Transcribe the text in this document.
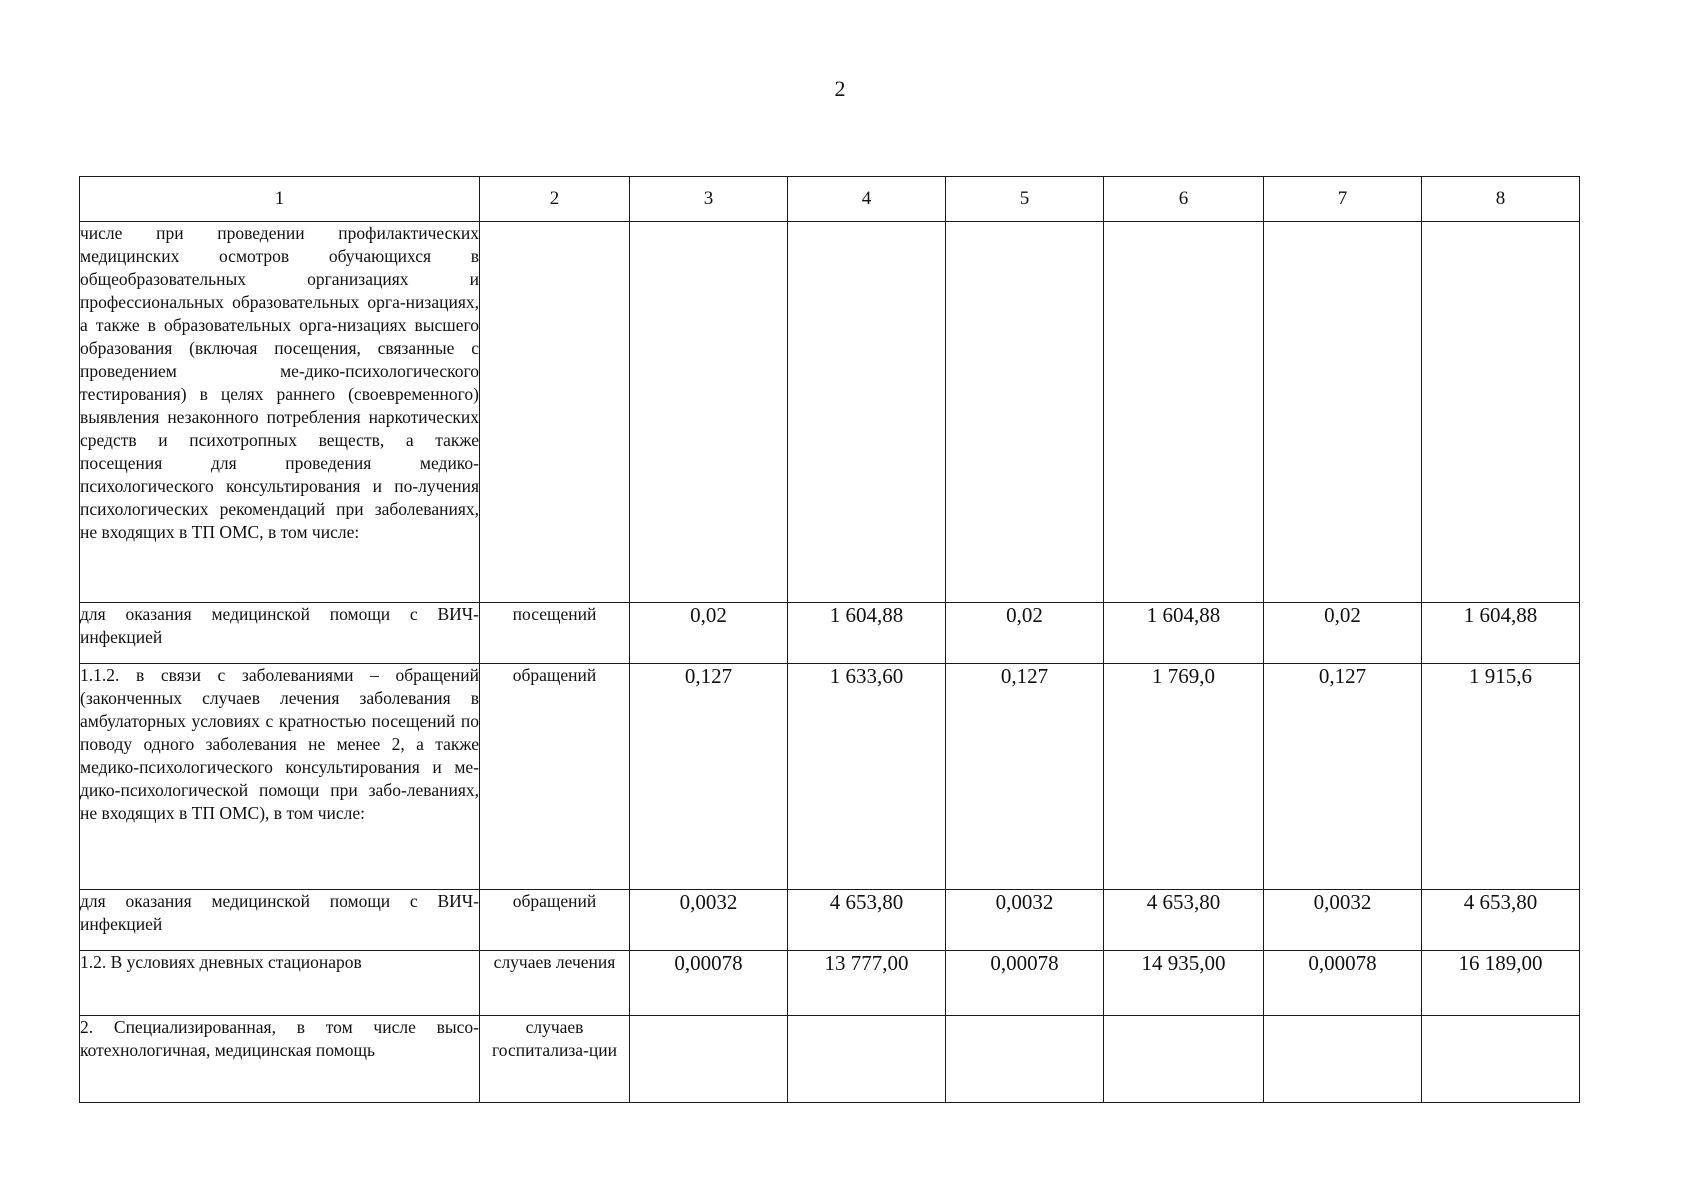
2
1	2	3	4	5	6	7	8
числе при проведении профилактических медицинских осмотров обучающихся в общеобразовательных организациях и профессиональных образовательных орга-низациях, а также в образовательных орга-низациях высшего образования (включая посещения, связанные с проведением ме-дико-психологического тестирования) в целях раннего (своевременного) выявления незаконного потребления наркотических средств и психотропных веществ, а также посещения для проведения медико-психологического консультирования и по-лучения психологических рекомендаций при заболеваниях, не входящих в ТП ОМС, в том числе:							
для оказания медицинской помощи с ВИЧ-инфекцией	посещений	0,02	1 604,88	0,02	1 604,88	0,02	1 604,88
1.1.2. в связи с заболеваниями – обращений (законченных случаев лечения заболевания в амбулаторных условиях с кратностью посещений по поводу одного заболевания не менее 2, а также медико-психологического консультирования и ме-дико-психологической помощи при забо-леваниях, не входящих в ТП ОМС), в том числе:	обращений	0,127	1 633,60	0,127	1 769,0	0,127	1 915,6
для оказания медицинской помощи с ВИЧ-инфекцией	обращений	0,0032	4 653,80	0,0032	4 653,80	0,0032	4 653,80
1.2. В условиях дневных стационаров	случаев лечения	0,00078	13 777,00	0,00078	14 935,00	0,00078	16 189,00
2. Специализированная, в том числе высо-котехнологичная, медицинская помощь	случаев госпитализа-ции						
